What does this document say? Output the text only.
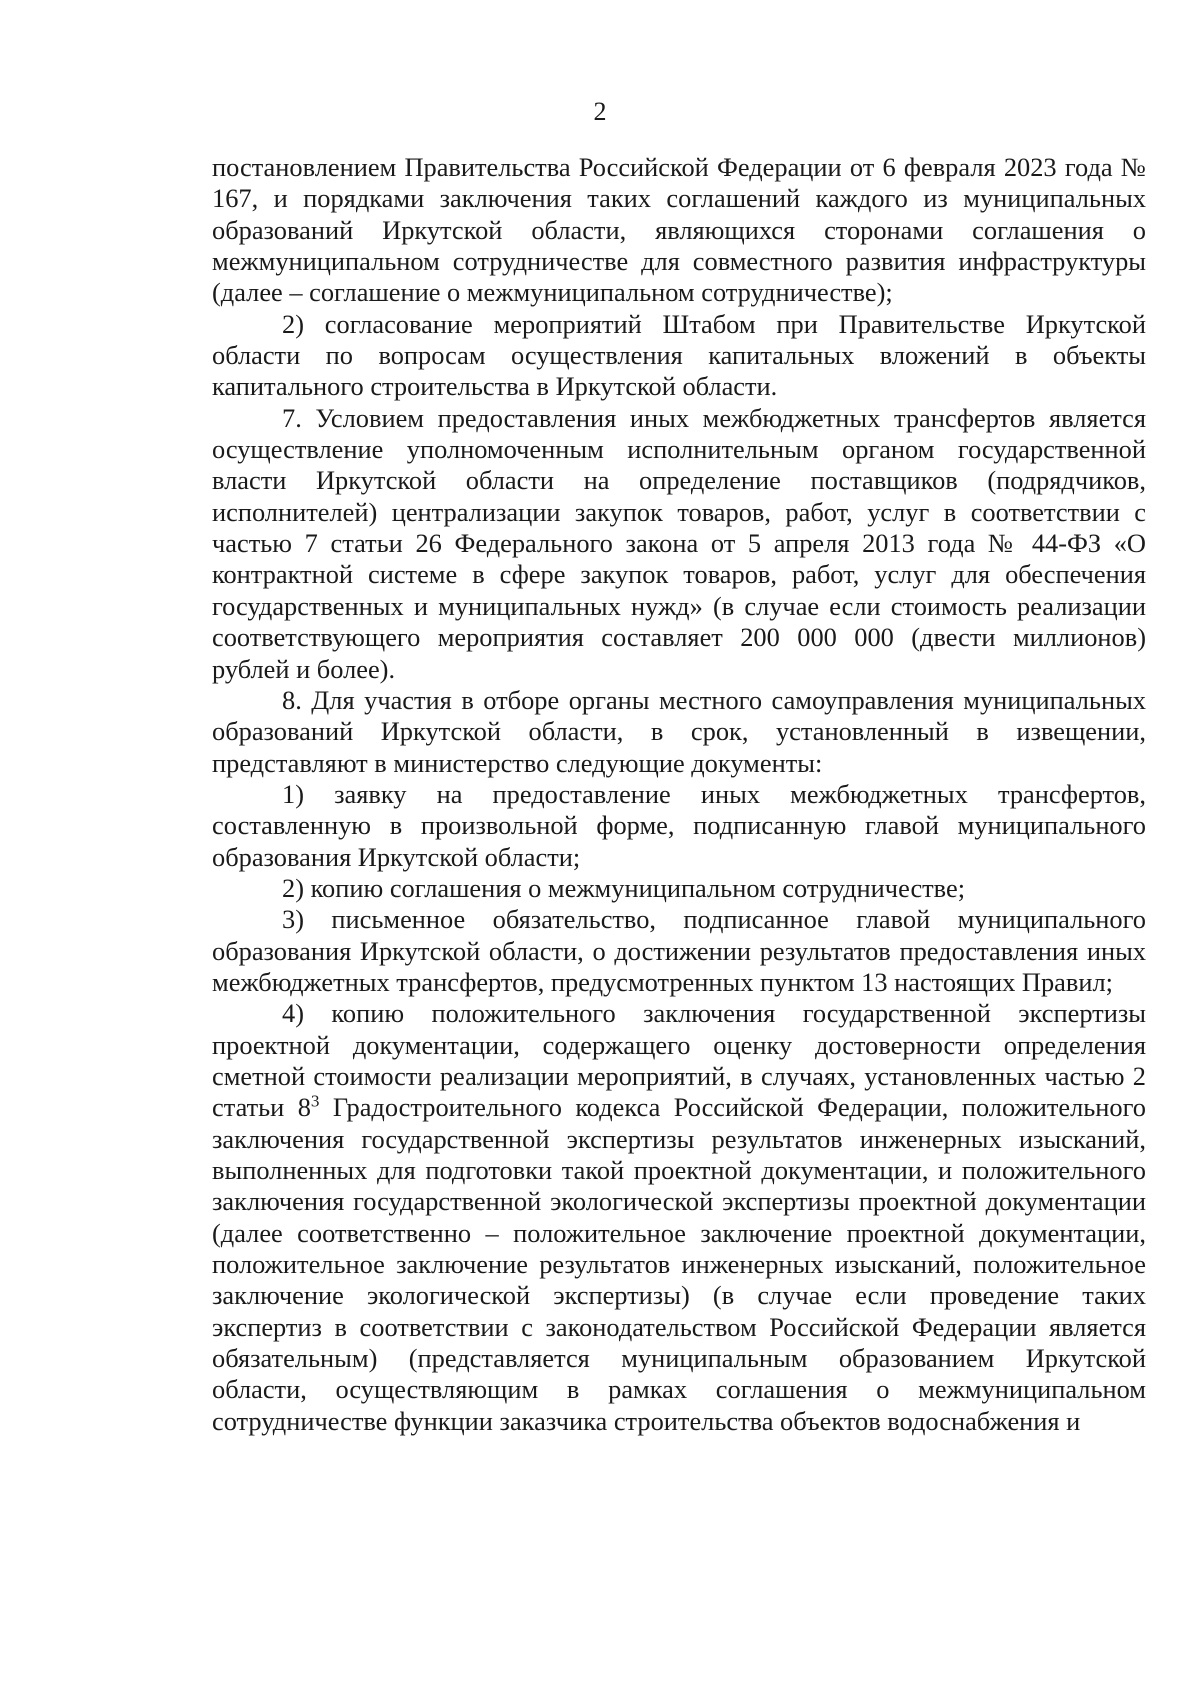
2

постановлением Правительства Российской Федерации от 6 февраля 2023 года № 167, и порядками заключения таких соглашений каждого из муниципальных образований Иркутской области, являющихся сторонами соглашения о межмуниципальном сотрудничестве для совместного развития инфраструктуры (далее – соглашение о межмуниципальном сотрудничестве);

2) согласование мероприятий Штабом при Правительстве Иркутской области по вопросам осуществления капитальных вложений в объекты капитального строительства в Иркутской области.

7. Условием предоставления иных межбюджетных трансфертов является осуществление уполномоченным исполнительным органом государственной власти Иркутской области на определение поставщиков (подрядчиков, исполнителей) централизации закупок товаров, работ, услуг в соответствии с частью 7 статьи 26 Федерального закона от 5 апреля 2013 года № 44-ФЗ «О контрактной системе в сфере закупок товаров, работ, услуг для обеспечения государственных и муниципальных нужд» (в случае если стоимость реализации соответствующего мероприятия составляет 200 000 000 (двести миллионов) рублей и более).

8. Для участия в отборе органы местного самоуправления муниципальных образований Иркутской области, в срок, установленный в извещении, представляют в министерство следующие документы:

1) заявку на предоставление иных межбюджетных трансфертов, составленную в произвольной форме, подписанную главой муниципального образования Иркутской области;

2) копию соглашения о межмуниципальном сотрудничестве;

3) письменное обязательство, подписанное главой муниципального образования Иркутской области, о достижении результатов предоставления иных межбюджетных трансфертов, предусмотренных пунктом 13 настоящих Правил;

4) копию положительного заключения государственной экспертизы проектной документации, содержащего оценку достоверности определения сметной стоимости реализации мероприятий, в случаях, установленных частью 2 статьи $8^3$ Градостроительного кодекса Российской Федерации, положительного заключения государственной экспертизы результатов инженерных изысканий, выполненных для подготовки такой проектной документации, и положительного заключения государственной экологической экспертизы проектной документации (далее соответственно – положительное заключение проектной документации, положительное заключение результатов инженерных изысканий, положительное заключение экологической экспертизы) (в случае если проведение таких экспертиз в соответствии с законодательством Российской Федерации является обязательным) (представляется муниципальным образованием Иркутской области, осуществляющим в рамках соглашения о межмуниципальном сотрудничестве функции заказчика строительства объектов водоснабжения и
